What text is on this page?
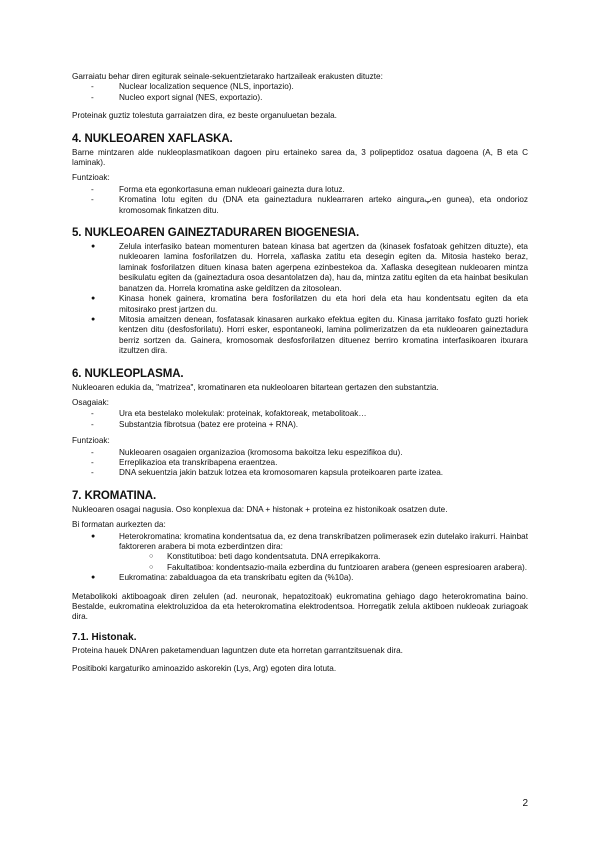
Garraiatu behar diren egiturak seinale-sekuentzietarako hartzaileak erakusten dituzte:

- Nuclear localization sequence (NLS, inportazio).
- Nucleo export signal (NES, exportazio).

Proteinak guztiz tolestuta garraiatzen dira, ez beste organuluetan bezala.

4. NUKLEOAREN XAFLASKA.

Barne mintzaren alde nukleoplasmatikoan dagoen piru ertaineko sarea da, 3 polipeptidoz osatua dagoena (A, B eta C laminak).

Funtzioak:

- Forma eta egonkortasuna eman nukleoari gainezta dura lotuz.
- Kromatina lotu egiten du (DNA eta gaineztadura nuklearraren arteko ainguraپen gunea), eta ondorioz kromosomak finkatzen ditu.
5. NUKLEOAREN GAINEZTADURAREN BIOGENESIA.
● Zelula interfasiko batean momenturen batean kinasa bat agertzen da (kinasek fosfatoak gehitzen dituzte), eta nukleoaren lamina fosforilatzen du. Horrela, xaflaska zatitu eta desegin egiten da. Mitosia hasteko beraz, laminak fosforilatzen dituen kinasa baten agerpena ezinbestekoa da. Xaflaska desegitean nukleoaren mintza besikulatu egiten da (gaineztadura osoa desantolatzen da), hau da, mintza zatitu egiten da eta hainbat besikulan banatzen da. Horrela kromatina aske geldítzen da zitosolean.
● Kinasa honek gainera, kromatina bera fosforilatzen du eta hori dela eta hau kondentsatu egiten da eta mitosirako prest jartzen du.
● Mitosia amaitzen denean, fosfatasak kinasaren aurkako efektua egiten du. Kinasa jarritako fosfato guzti horiek kentzen ditu (desfosforilatu). Horri esker, espontaneoki, lamina polimerizatzen da eta nukleoaren gaineztadura berriz sortzen da. Gainera, kromosomak desfosforilatzen dituenez berriro kromatina interfasikoaren itxurara itzultzen dira.
6. NUKLEOPLASMA.

Nukleoaren edukia da, "matrizea", kromatinaren eta nukleoloaren bitartean gertazen den substantzia.

Osagaiak:

- Ura eta bestelako molekulak: proteinak, kofaktoreak, metabolitoak…
- Substantzia fibrotsua (batez ere proteina + RNA).

Funtzioak:

- Nukleoaren osagaien organizazioa (kromosoma bakoitza leku espezifikoa du).
- Erreplikazioa eta transkribapena eraentzea.
- DNA sekuentzia jakin batzuk lotzea eta kromosomaren kapsula proteikoaren parte izatea.
7. KROMATINA.

Nukleoaren osagai nagusia. Oso konplexua da: DNA + histonak + proteina ez histonikoak osatzen dute.

Bi formatan aurkezten da:

● Heterokromatina: kromatina kondentsatua da, ez dena transkribatzen polimerasek ezin dutelako irakurri. Hainbat faktoreren arabera bi mota ezberdintzen dira:
○ Konstitutiboa: beti dago kondentsatuta. DNA errepikakorra.
○ Fakultatiboa: kondentsazio-maila ezberdina du funtzioaren arabera (geneen espresioaren arabera).
● Eukromatina: zabalduagoa da eta transkribatu egiten da (%10a).

Metabolikoki aktiboagoak diren zelulen (ad. neuronak, hepatozitoak) eukromatina gehiago dago heterokromatina baino. Bestalde, eukromatina elektroluzidoa da eta heterokromatina elektrodentsoa. Horregatik zelula aktiboen nukleoak zuriagoak dira.

7.1. Histonak.

Proteina hauek DNAren paketamenduan laguntzen dute eta horretan garrantzitsuenak dira.

Positiboki kargaturiko aminoazido askorekin (Lys, Arg) egoten dira lotuta.

2
